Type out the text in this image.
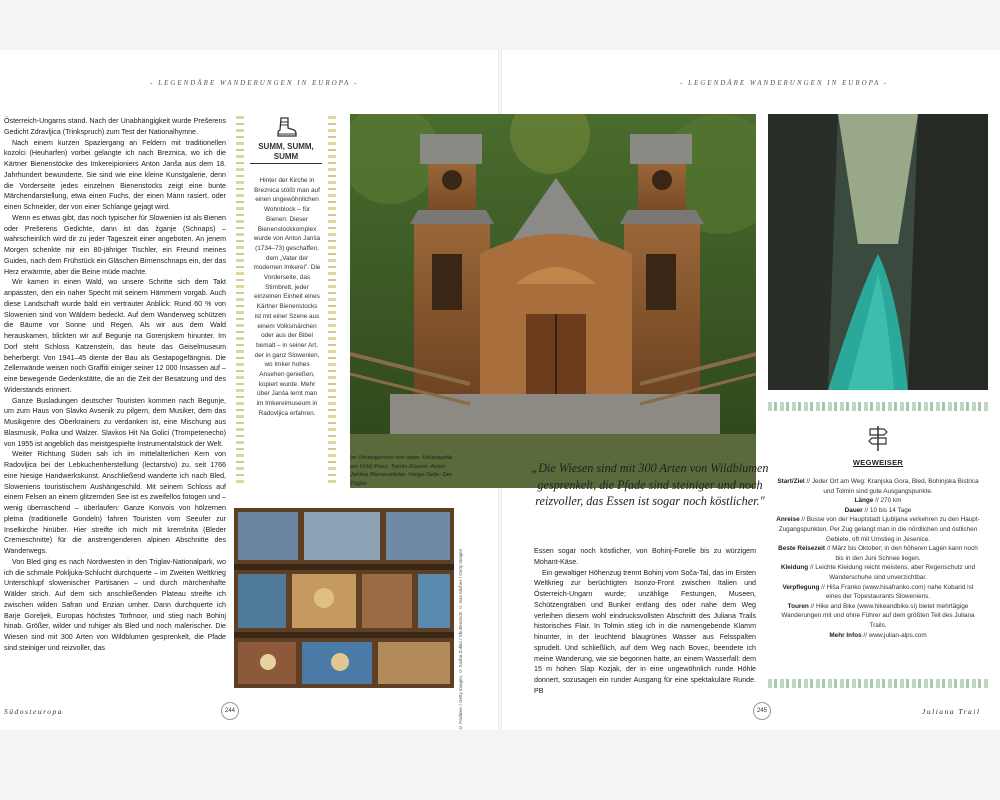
- LEGENDÄRE WANDERUNGEN IN EUROPA -	- LEGENDÄRE WANDERUNGEN IN EUROPA -

Österreich-Ungarns stand. Nach der Unabhängigkeit wurde Prešerens Gedicht Zdravljica (Trinkspruch) zum Test der Nationalhymne.

Nach einem kurzen Spaziergang an Feldern mit traditionellen kozolci (Heuharfen) vorbei gelangte ich nach Breznica, wo ich die Kärtner Bienenstöcke des Imkereipioniers Anton Janša aus dem 18. Jahrhundert bewunderte. Sie sind wie eine kleine Kunstgalerie, denn die Vorderseite jedes einzelnen Bienenstocks zeigt eine bunte Märchendarstellung, etwa einen Fuchs, der einen Mann rasiert, oder einen Schneider, der von einer Schlange gejagt wird.

Wenn es etwas gibt, das noch typischer für Slowenien ist als Bienen oder Prešerens Gedichte, dann ist das žganje (Schnaps) – wahrscheinlich wird dir zu jeder Tageszeit einer angeboten. An jenem Morgen schenkte mir ein 80-jähriger Tischler, ein Freund meines Guides, nach dem Frühstück ein Gläschen Birnenschnaps ein, der das Herz erwärmte, aber die Beine müde machte.

Wir kamen in einen Wald, wo unsere Schritte sich dem Takt anpassten, den ein naher Specht mit seinem Hämmern vorgab. Auch diese Landschaft wurde bald ein vertrauter Anblick: Rund 60 % von Slowenien sind von Wäldern bedeckt. Auf dem Wanderweg schützen die Bäume vor Sonne und Regen. Als wir aus dem Wald herauskamen, blickten wir auf Begunje na Gorenjskem hinunter. Im Dorf steht Schloss Katzenstein, das heute das Geiselmuseum beherbergt. Von 1941–45 diente der Bau als Gestapogefängnis. Die Zellenwände weisen noch Graffiti einiger seiner 12 000 Insassen auf – eine bewegende Gedenkstätte, die an die Zeit der Besatzung und des Widerstands erinnert.

Ganze Busladungen deutscher Touristen kommen nach Begunje, um zum Haus von Slavko Avsenik zu pilgern, dem Musiker, dem das Musikgenre des Oberkrainers zu verdanken ist, eine Mischung aus Blasmusik, Polka und Walzer. Slavkos Hit Na Golici (Trompetenecho) von 1955 ist angeblich das meistgespielte Instrumentalstück der Welt.

Weiter Richtung Süden sah ich im mittelalterlichen Kern von Radovljica bei der Lebkuchenherstellung (lectarstvo) zu, seit 1766 eine hiesige Handwerkskunst. Anschließend wanderte ich nach Bled, Sloweniens touristischem Aushängeschild. Mit seinem Schloss auf einem Felsen an einem glitzernden See ist es zweifellos fotogen und – wenig überraschend – überlaufen: Ganze Konvois von hölzernen pletna (traditionelle Gondeln) fahren Touristen vom Seeufer zur Inselkirche hinüber. Hier streifte ich mich mit kremšnita (Bleder Cremeschnitte) für die anstrengenderen alpinen Abschnitte des Wanderwegs.

Von Bled ging es nach Nordwesten in den Triglav-Nationalpark, wo ich die schmale Pokljuka-Schlucht durchquerte – im Zweiten Weltkrieg Unterschlupf slowenischer Partisanen – und durch märchenhafte Wälder strich. Auf dem sich anschließenden Plateau streifte ich zwischen wilden Safran und Enzian umher. Dann durchquerte ich Barje Goreljek, Europas höchstes Torfmoor, und stieg nach Bohinj hinab. Größer, wilder und ruhiger als Bled und noch malerischer. Die Wiesen sind mit 300 Arten von Wildblumen gesprenkelt, die Pfade sind steiniger und reizvoller, das

SUMM, SUMM, SUMM
Hinter der Kirche in Breznica stößt man auf einen ungewöhnlichen Wohnblock – für Bienen: Dieser Bienenstockkomplex wurde von Anton Janša (1734–73) geschaffen, dem „Vater der modernen Imkerei". Die Vorderseite, das Stirnbrett, jeder einzelnen Einheit eines Kärtner Bienenstocks ist mit einer Szene aus einem Volksmärchen oder aus der Bibel bemalt – in seiner Art, der in ganz Slowenien, wo Imker hohes Ansehen genießen, kopiert wurde. Mehr über Janša lernt man im Imkereimuseum in Radovljica erfahren.
Im Uhrzeigersinn von oben: Holzkapelle am Vršič-Pass; Tolmin-Klamm; Anton Janšas Bienenstöcke. Vorige Seite: Der Triglav
© Pavlinec / Getty Images; © Sasha Zubko / Shutterstock; © Ivan Michev / Getty Images
„Die Wiesen sind mit 300 Arten von Wildblumen gesprenkelt, die Pfade sind steiniger und noch reizvoller, das Essen ist sogar noch köstlicher."

Essen sogar noch köstlicher, von Bohinj-Forelle bis zu würzigem Mohant-Käse.

Ein gewaltiger Höhenzug trennt Bohinj vom Soča-Tal, das im Ersten Weltkrieg zur berüchtigten Isonzo-Front zwischen Italien und Österreich-Ungarn wurde; unzählige Festungen, Museen, Schützengräben und Bunker entlang des oder nahe dem Weg verleihen diesem wohl eindrucksvollsten Abschnitt des Juliana Trails historisches Flair. In Tolmin stieg ich in die namengebende Klamm hinunter, in der leuchtend blaugrünes Wasser aus Felsspalten sprudelt. Und schließlich, auf dem Weg nach Bovec, beendete ich meine Wanderung, wie sie begonnen hatte, an einem Wasserfall: dem 15 m hohen Slap Kozjak, der in eine ungewöhnlich runde Höhle donnert, sozusagen ein runder Ausgang für eine spektakuläre Runde. PB

WEGWEISER
Start/Ziel // Jeder Ort am Weg: Kranjska Gora, Bled, Bohinjska Bistrica und Tolmin sind gute Ausgangspunkte.
Länge // 270 km
Dauer // 10 bis 14 Tage
Anreise // Busse von der Hauptstadt Ljubljana verkehren zu den Haupt-Zugangspunkten. Per Zug gelangt man in die nördlichen und östlichen Gebiete, oft mit Umstieg in Jesenice.
Beste Reisezeit // März bis Oktober; in den höheren Lagen kann noch bis in den Juni Schnee liegen.
Kleidung // Leichte Kleidung reicht meistens, aber Regenschutz und Wanderschuhe sind unverzichtbar.
Verpflegung // Hiša Franko (www.hisafranko.com) nahe Kobarid ist eines der Topestaurants Sloweniens.
Touren // Hike and Bike (www.hikeandbike.si) bietet mehrtägige Wanderungen mit und ohne Führer auf dem größten Teil des Juliana Trails.
Mehr Infos // www.julian-alps.com
Südosteuropa	244	245	Juliana Trail
